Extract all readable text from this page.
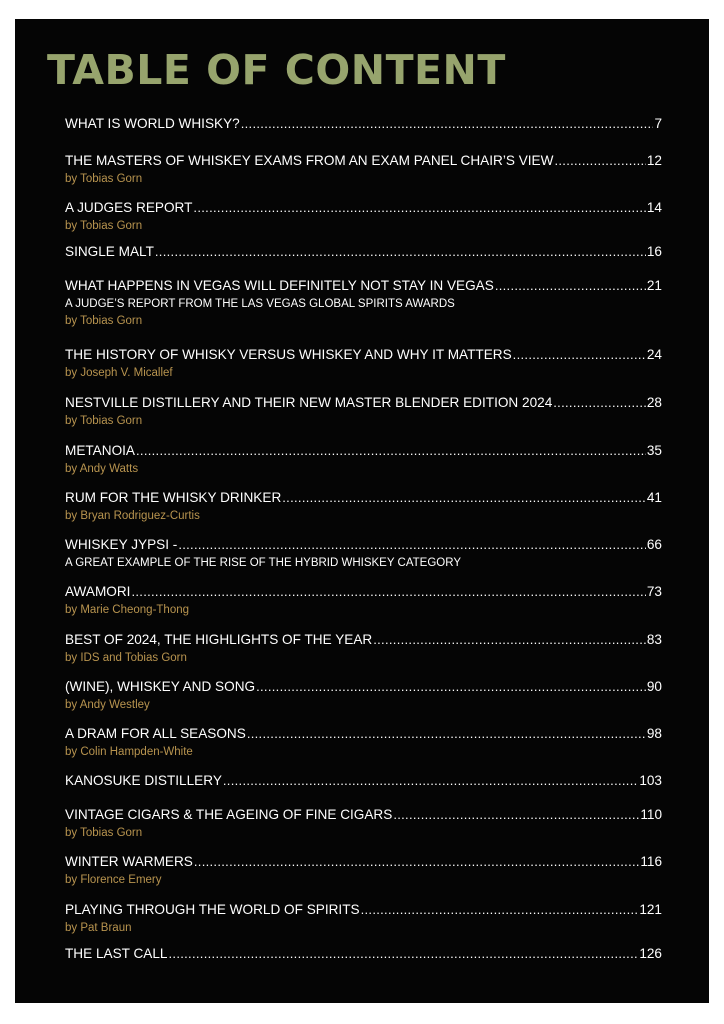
TABLE OF CONTENT
WHAT IS WORLD WHISKY? .....	7
THE MASTERS OF WHISKEY EXAMS FROM AN EXAM PANEL CHAIR’S VIEW .....	12
by Tobias Gorn
A JUDGES REPORT .....	14
by Tobias Gorn
SINGLE MALT .....	16
WHAT HAPPENS IN VEGAS WILL DEFINITELY NOT STAY IN VEGAS .....	21
A JUDGE’S REPORT FROM THE LAS VEGAS GLOBAL SPIRITS AWARDS
by Tobias Gorn
THE HISTORY OF WHISKY VERSUS WHISKEY AND WHY IT MATTERS .....	24
by Joseph V. Micallef
NESTVILLE DISTILLERY AND THEIR NEW MASTER BLENDER EDITION 2024 .....	28
by Tobias Gorn
METANOIA .....	35
by Andy Watts
RUM FOR THE WHISKY DRINKER .....	41
by Bryan Rodriguez-Curtis
WHISKEY JYPSI - .....	66
A GREAT EXAMPLE OF THE RISE OF THE HYBRID WHISKEY CATEGORY
AWAMORI .....	73
by Marie Cheong-Thong
BEST OF 2024, THE HIGHLIGHTS OF THE YEAR .....	83
by IDS and Tobias Gorn
(WINE), WHISKEY AND SONG .....	90
by Andy Westley
A DRAM FOR ALL SEASONS .....	98
by Colin Hampden-White
KANOSUKE DISTILLERY .....	103
VINTAGE CIGARS & THE AGEING OF FINE CIGARS .....	110
by Tobias Gorn
WINTER WARMERS .....	116
by Florence Emery
PLAYING THROUGH THE WORLD OF SPIRITS .....	121
by Pat Braun
THE LAST CALL .....	126
